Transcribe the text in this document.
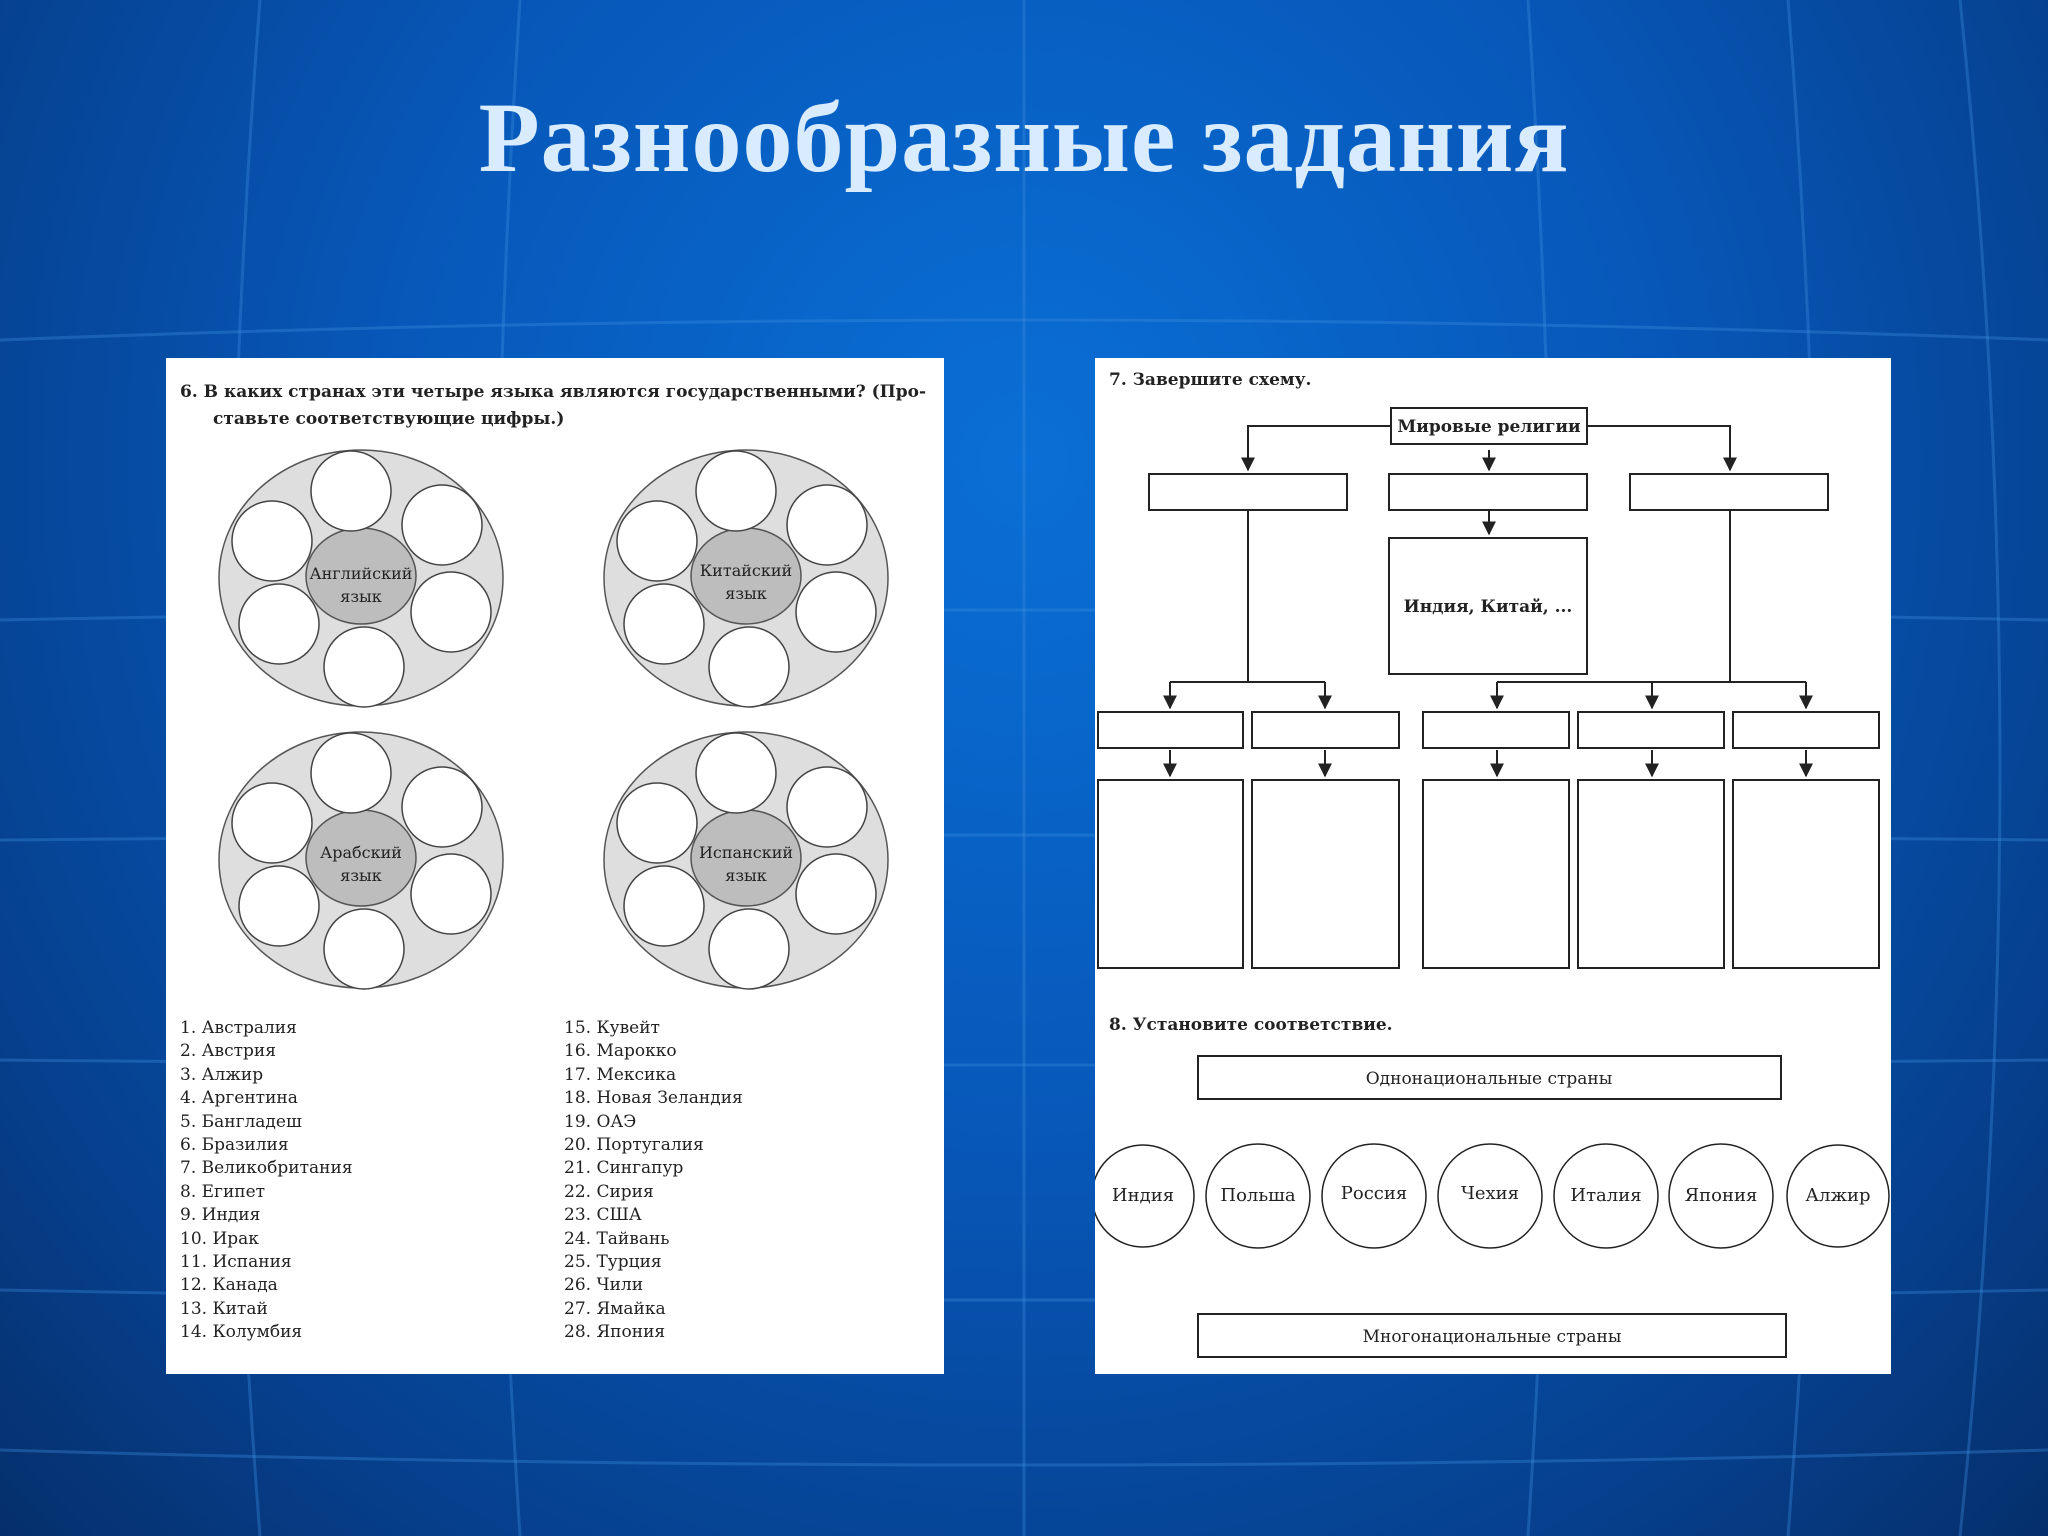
Разнообразные задания
6. В каких странах эти четыре языка являются государственными? (Про-
ставьте соответствующие цифры.)
Английский
язык
Китайский
язык
Арабский
язык
Испанский
язык
1. Австралия
2. Австрия
3. Алжир
4. Аргентина
5. Бангладеш
6. Бразилия
7. Великобритания
8. Египет
9. Индия
10. Ирак
11. Испания
12. Канада
13. Китай
14. Колумбия
15. Кувейт
16. Марокко
17. Мексика
18. Новая Зеландия
19. ОАЭ
20. Португалия
21. Сингапур
22. Сирия
23. США
24. Тайвань
25. Турция
26. Чили
27. Ямайка
28. Япония
7. Завершите схему.
Мировые религии
Индия, Китай, ...
8. Установите соответствие.
Однонациональные страны
Многонациональные страны
Индия	Польша	Россия	Чехия	Италия Япония	Алжир
